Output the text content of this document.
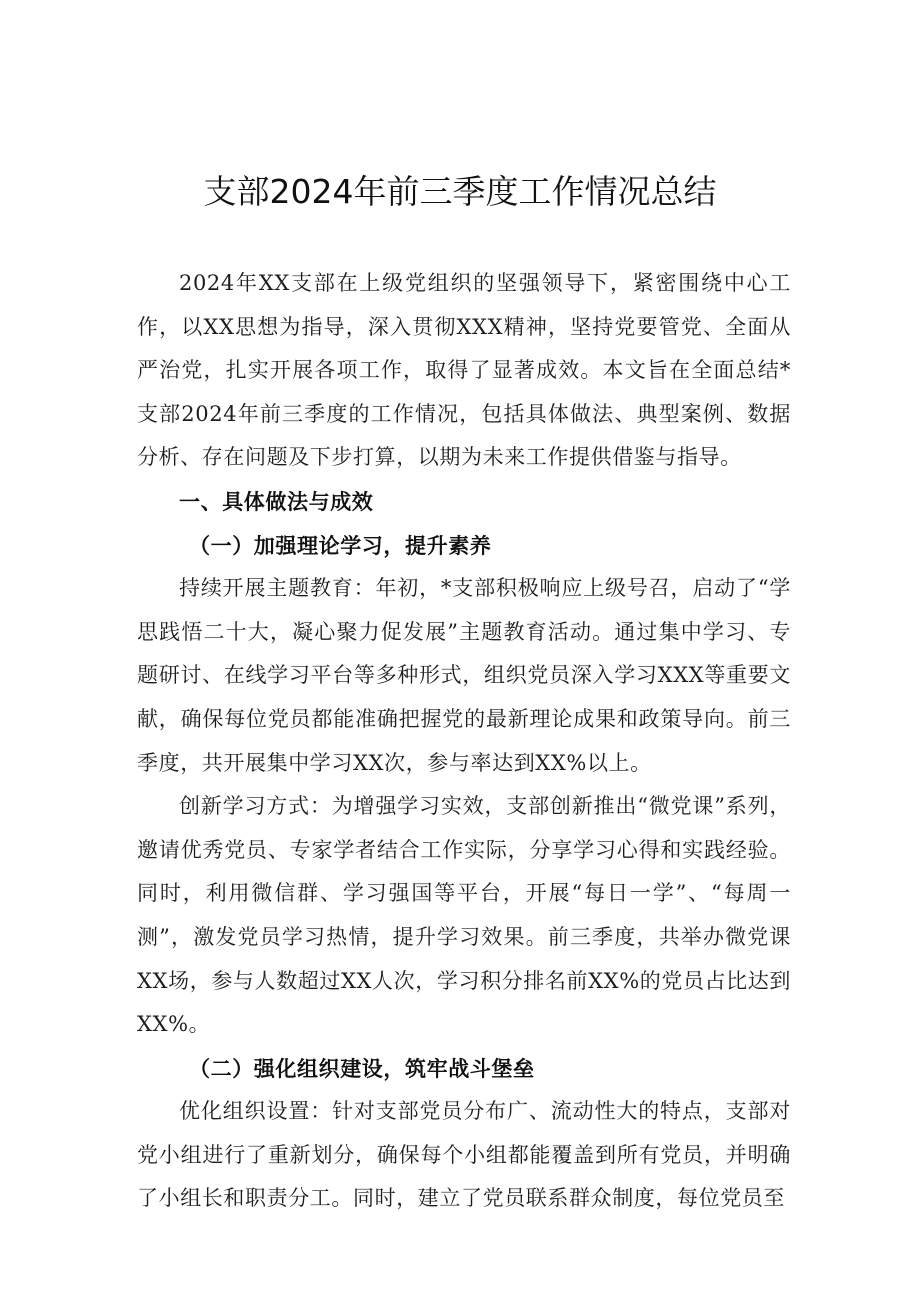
支部2024年前三季度工作情况总结

2024年XX支部在上级党组织的坚强领导下，紧密围绕中心工作，以XX思想为指导，深入贯彻XXX精神，坚持党要管党、全面从严治党，扎实开展各项工作，取得了显著成效。本文旨在全面总结*支部2024年前三季度的工作情况，包括具体做法、典型案例、数据分析、存在问题及下步打算，以期为未来工作提供借鉴与指导。

一、具体做法与成效

（一）加强理论学习，提升素养

持续开展主题教育：年初，*支部积极响应上级号召，启动了“学思践悟二十大，凝心聚力促发展”主题教育活动。通过集中学习、专题研讨、在线学习平台等多种形式，组织党员深入学习XXX等重要文献，确保每位党员都能准确把握党的最新理论成果和政策导向。前三季度，共开展集中学习XX次，参与率达到XX%以上。

创新学习方式：为增强学习实效，支部创新推出“微党课”系列，邀请优秀党员、专家学者结合工作实际，分享学习心得和实践经验。同时，利用微信群、学习强国等平台，开展“每日一学”、“每周一测”，激发党员学习热情，提升学习效果。前三季度，共举办微党课XX场，参与人数超过XX人次，学习积分排名前XX%的党员占比达到XX%。

（二）强化组织建设，筑牢战斗堡垒

优化组织设置：针对支部党员分布广、流动性大的特点，支部对党小组进行了重新划分，确保每个小组都能覆盖到所有党员，并明确了小组长和职责分工。同时，建立了党员联系群众制度，每位党员至
